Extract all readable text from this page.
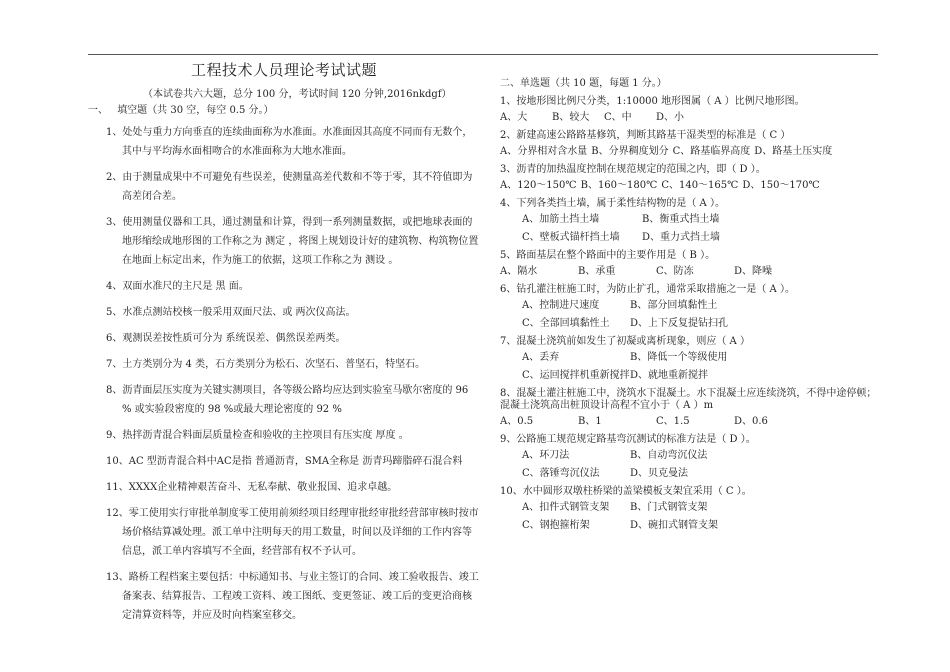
工程技术人员理论考试试题
（本试卷共六大题，总分 100 分，考试时间 120 分钟,2016nkdgf）
一、 填空题（共 30 空，每空 0.5 分。）
1、处处与重力方向垂直的连续曲面称为水准面。水准面因其高度不同而有无数个，其中与平均海水面相吻合的水准面称为大地水准面。
2、由于测量成果中不可避免有些误差，使测量高差代数和不等于零，其不符值即为高差闭合差。
3、使用测量仪器和工具，通过测量和计算，得到一系列测量数据，或把地球表面的地形缩绘成地形图的工作称之为 测定 ，将图上规划设计好的建筑物、构筑物位置在地面上标定出来，作为施工的依据，这项工作称之为 测设 。
4、双面水准尺的主尺是 黑 面。
5、水准点测站校核一般采用双面尺法、或 两次仪高法。
6、观测误差按性质可分为 系统误差、偶然误差两类。
7、土方类别分为 4 类，石方类别分为松石、次坚石、普坚石，特坚石。
8、沥青面层压实度为关键实测项目，各等级公路均应达到实验室马歇尔密度的 96 % 或实验段密度的 98 %或最大理论密度的 92 %
9、热拌沥青混合料面层质量检查和验收的主控项目有压实度 厚度 。
10、AC 型沥青混合料中AC是指 普通沥青，SMA全称是 沥青玛蹄脂碎石混合料
11、XXXX企业精神艰苦奋斗、无私奉献、敬业报国、追求卓越。
12、零工使用实行审批单制度零工使用前须经项目经理审批经审批经营部审核时按市场价格结算减处理。派工单中注明每天的用工数量，时间以及详细的工作内容等信息，派工单内容填写不全面，经营部有权不予认可。
13、路桥工程档案主要包括：中标通知书、与业主签订的合同、竣工验收报告、竣工备案表、结算报告、工程竣工资料、竣工图纸、变更签证、竣工后的变更洽商核定清算资料等，并应及时向档案室移交。
二、单选题（共 10 题，每题 1 分。）
1、按地形图比例尺分类，1:10000 地形图属（ A ）比例尺地形图。
A、大	B、较大	C、中	D、小
2、新建高速公路路基修筑，判断其路基干湿类型的标准是（ C ）
A、分界相对含水量 B、分界稠度划分 C、路基临界高度 D、路基土压实度
3、沥青的加热温度控制在规范规定的范围之内，即（ D ）。
A、120～150℃ B、160～180℃ C、140～165℃ D、150～170℃
4、下列各类挡土墙，属于柔性结构物的是（ A ）。
A、加筋土挡土墙	B、衡重式挡土墙
C、壁板式锚杆挡土墙	D、重力式挡土墙
5、路面基层在整个路面中的主要作用是（ B ）。
A、隔水	B、承重	C、防冻	D、降噪
6、钻孔灌注桩施工时，为防止扩孔，通常采取措施之一是（ A ）。
A、控制进尺速度	B、部分回填黏性土
C、全部回填黏性土	D、上下反复提钻扫孔
7、混凝土浇筑前如发生了初凝或离析现象，则应（ A ）
A、丢弃	B、降低一个等级使用
C、运回搅拌机重新搅拌 D、就地重新搅拌
8、混凝土灌注桩施工中，浇筑水下混凝土。水下混凝土应连续浇筑，不得中途停顿；混凝土浇筑高出桩顶设计高程不宜小于（ A ）m
A、0.5	B、1	C、1.5	D、0.6
9、公路施工规范规定路基弯沉测试的标准方法是（ D ）。
A、环刀法	B、自动弯沉仪法
C、落锤弯沉仪法	D、贝克曼法
10、水中圆形双墩柱桥梁的盖梁模板支架宜采用（ C ）。
A、扣件式钢管支架	B、门式钢管支架
C、钢抱箍桁架	D、碗扣式钢管支架
